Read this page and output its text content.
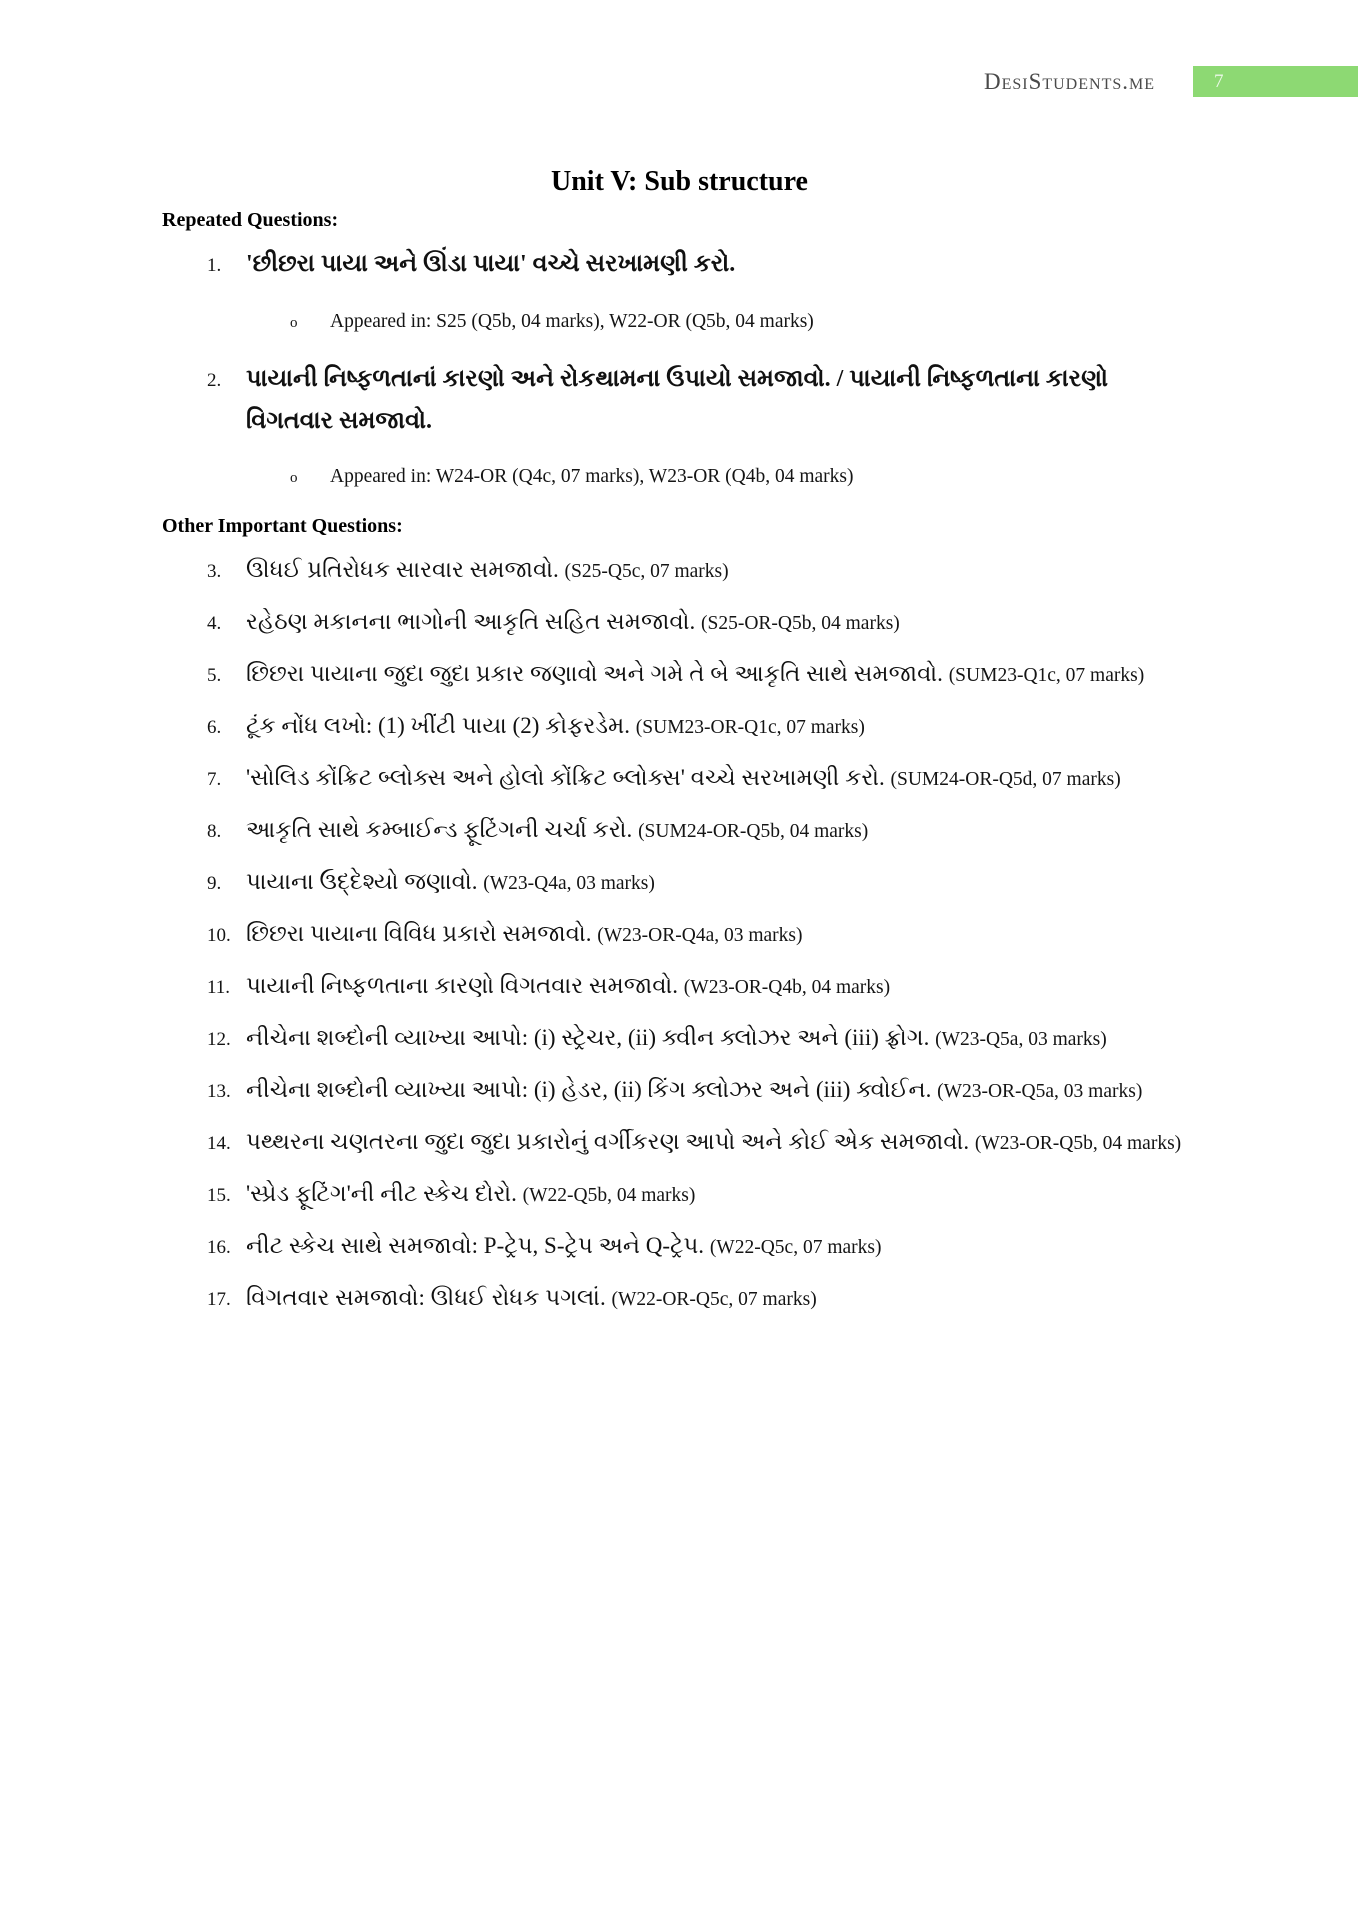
DesiStudents.me	7
Unit V: Sub structure
Repeated Questions:
1.	'છીછરા પાયા અને ઊંડા પાયા' વચ્ચે સરખામણી કરો.
o	Appeared in: S25 (Q5b, 04 marks), W22-OR (Q5b, 04 marks)
2.	પાયાની નિષ્ફળતાનાં કારણો અને રોકથામના ઉપાયો સમજાવો. / પાયાની નિષ્ફળતાના કારણો વિગતવાર સમજાવો.
o	Appeared in: W24-OR (Q4c, 07 marks), W23-OR (Q4b, 04 marks)
Other Important Questions:
3.	ઊધઈ પ્રતિરોધક સારવાર સમજાવો. (S25-Q5c, 07 marks)
4.	રહેઠણ મકાનના ભાગોની આકૃતિ સહિત સમજાવો. (S25-OR-Q5b, 04 marks)
5.	છિછરા પાયાના જુદા જુદા પ્રકાર જણાવો અને ગમે તે બે આકૃતિ સાથે સમજાવો. (SUM23-Q1c, 07 marks)
6.	ટૂંક નોંધ લખો: (1) ખીંટી પાયા (2) કોફરડેમ. (SUM23-OR-Q1c, 07 marks)
7.	'સોલિડ કોંક્રિટ બ્લોક્સ અને હોલો કોંક્રિટ બ્લોક્સ' વચ્ચે સરખામણી કરો. (SUM24-OR-Q5d, 07 marks)
8.	આકૃતિ સાથે કમ્બાઈન્ડ ફૂટિંગની ચર્ચા કરો. (SUM24-OR-Q5b, 04 marks)
9.	પાયાના ઉદ્દેશ્યો જણાવો. (W23-Q4a, 03 marks)
10. છિછરા પાયાના વિવિધ પ્રકારો સમજાવો. (W23-OR-Q4a, 03 marks)
11. પાયાની નિષ્ફળતાના કારણો વિગતવાર સમજાવો. (W23-OR-Q4b, 04 marks)
12. નીચેના શબ્દોની વ્યાખ્યા આપો: (i) સ્ટ્રેચર, (ii) ક્વીન ક્લોઝર અને (iii) ફ્રોગ. (W23-Q5a, 03 marks)
13. નીચેના શબ્દોની વ્યાખ્યા આપો: (i) હેડર, (ii) કિંગ ક્લોઝર અને (iii) ક્વોઈન. (W23-OR-Q5a, 03 marks)
14. પથ્થરના ચણતરના જુદા જુદા પ્રકારોનું વર્ગીકરણ આપો અને કોઈ એક સમજાવો. (W23-OR-Q5b, 04 marks)
15. 'સ્પ્રેડ ફૂટિંગ'ની નીટ સ્કેચ દોરો. (W22-Q5b, 04 marks)
16. નીટ સ્કેચ સાથે સમજાવો: P-ટ્રેપ, S-ટ્રેપ અને Q-ટ્રેપ. (W22-Q5c, 07 marks)
17. વિગતવાર સમજાવો: ઊધઈ રોધક પગલાં. (W22-OR-Q5c, 07 marks)
